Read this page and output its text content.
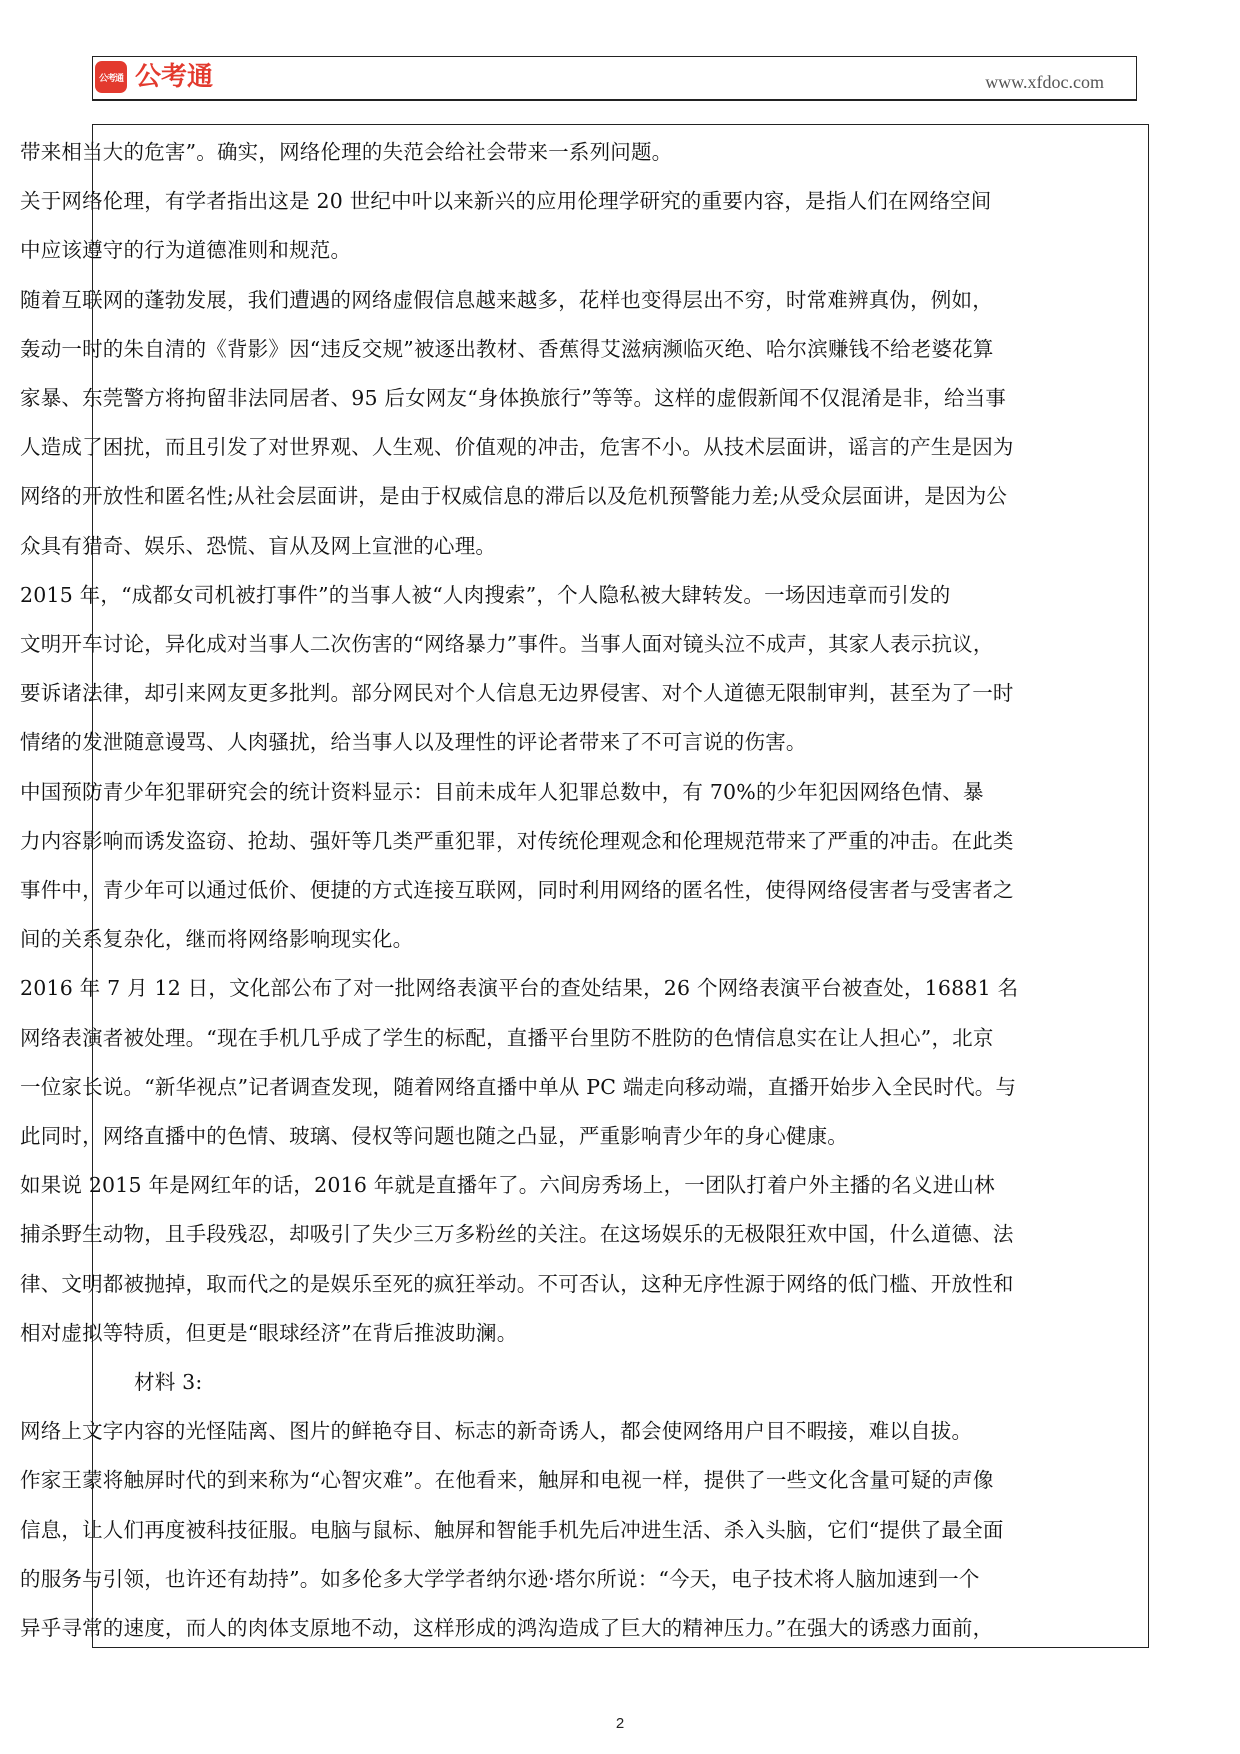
公考通 公考通	www.xfdoc.com

带来相当大的危害”。确实，网络伦理的失范会给社会带来一系列问题。

关于网络伦理，有学者指出这是 20 世纪中叶以来新兴的应用伦理学研究的重要内容，是指人们在网络空间

中应该遵守的行为道德准则和规范。

随着互联网的蓬勃发展，我们遭遇的网络虚假信息越来越多，花样也变得层出不穷，时常难辨真伪，例如，

轰动一时的朱自清的《背影》因“违反交规”被逐出教材、香蕉得艾滋病濒临灭绝、哈尔滨赚钱不给老婆花算

家暴、东莞警方将拘留非法同居者、95 后女网友“身体换旅行”等等。这样的虚假新闻不仅混淆是非，给当事

人造成了困扰，而且引发了对世界观、人生观、价值观的冲击，危害不小。从技术层面讲，谣言的产生是因为

网络的开放性和匿名性;从社会层面讲，是由于权威信息的滞后以及危机预警能力差;从受众层面讲，是因为公

众具有猎奇、娱乐、恐慌、盲从及网上宣泄的心理。

2015 年，“成都女司机被打事件”的当事人被“人肉搜索”，个人隐私被大肆转发。一场因违章而引发的

文明开车讨论，异化成对当事人二次伤害的“网络暴力”事件。当事人面对镜头泣不成声，其家人表示抗议，

要诉诸法律，却引来网友更多批判。部分网民对个人信息无边界侵害、对个人道德无限制审判，甚至为了一时

情绪的发泄随意谩骂、人肉骚扰，给当事人以及理性的评论者带来了不可言说的伤害。

中国预防青少年犯罪研究会的统计资料显示：目前未成年人犯罪总数中，有 70%的少年犯因网络色情、暴

力内容影响而诱发盗窃、抢劫、强奸等几类严重犯罪，对传统伦理观念和伦理规范带来了严重的冲击。在此类

事件中，青少年可以通过低价、便捷的方式连接互联网，同时利用网络的匿名性，使得网络侵害者与受害者之

间的关系复杂化，继而将网络影响现实化。

2016 年 7 月 12 日，文化部公布了对一批网络表演平台的查处结果，26 个网络表演平台被查处，16881 名

网络表演者被处理。“现在手机几乎成了学生的标配，直播平台里防不胜防的色情信息实在让人担心”，北京

一位家长说。“新华视点”记者调查发现，随着网络直播中单从 PC 端走向移动端，直播开始步入全民时代。与

此同时，网络直播中的色情、玻璃、侵权等问题也随之凸显，严重影响青少年的身心健康。

如果说 2015 年是网红年的话，2016 年就是直播年了。六间房秀场上，一团队打着户外主播的名义进山林

捕杀野生动物，且手段残忍，却吸引了失少三万多粉丝的关注。在这场娱乐的无极限狂欢中国，什么道德、法

律、文明都被抛掉，取而代之的是娱乐至死的疯狂举动。不可否认，这种无序性源于网络的低门槛、开放性和

相对虚拟等特质，但更是“眼球经济”在背后推波助澜。

材料 3:

网络上文字内容的光怪陆离、图片的鲜艳夺目、标志的新奇诱人，都会使网络用户目不暇接，难以自拔。

作家王蒙将触屏时代的到来称为“心智灾难”。在他看来，触屏和电视一样，提供了一些文化含量可疑的声像

信息，让人们再度被科技征服。电脑与鼠标、触屏和智能手机先后冲进生活、杀入头脑，它们“提供了最全面

的服务与引领，也许还有劫持”。如多伦多大学学者纳尔逊·塔尔所说：“今天，电子技术将人脑加速到一个

异乎寻常的速度，而人的肉体支原地不动，这样形成的鸿沟造成了巨大的精神压力。”在强大的诱惑力面前，

2
